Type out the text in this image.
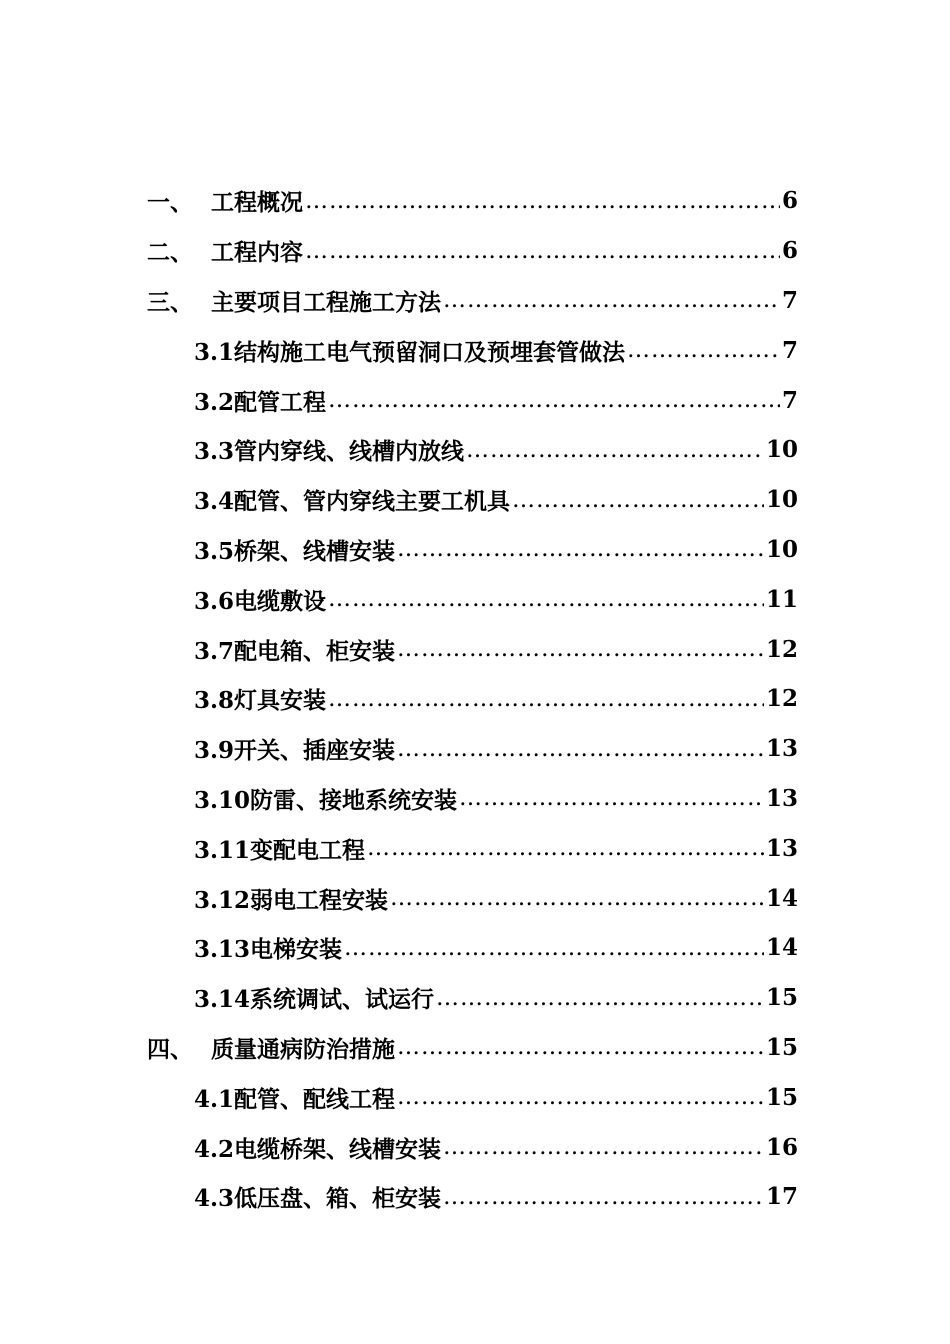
一、 工程概况 …………………………………………………………………………………………………………………………………………	6
二、 工程内容 …………………………………………………………………………………………………………………………………………	6
三、 主要项目工程施工方法 …………………………………………………………………………………………………………………………………………	7
3.1结构施工电气预留洞口及预埋套管做法 …………………………………………………………………………………………………………………………………………	7
3.2配管工程 …………………………………………………………………………………………………………………………………………	7
3.3管内穿线、线槽内放线 …………………………………………………………………………………………………………………………………………	10
3.4配管、管内穿线主要工机具 …………………………………………………………………………………………………………………………………………	10
3.5桥架、线槽安装 …………………………………………………………………………………………………………………………………………	10
3.6电缆敷设 …………………………………………………………………………………………………………………………………………	11
3.7配电箱、柜安装 …………………………………………………………………………………………………………………………………………	12
3.8灯具安装 …………………………………………………………………………………………………………………………………………	12
3.9开关、插座安装 …………………………………………………………………………………………………………………………………………	13
3.10防雷、接地系统安装 …………………………………………………………………………………………………………………………………………	13
3.11变配电工程 …………………………………………………………………………………………………………………………………………	13
3.12弱电工程安装 …………………………………………………………………………………………………………………………………………	14
3.13电梯安装 …………………………………………………………………………………………………………………………………………	14
3.14系统调试、试运行 …………………………………………………………………………………………………………………………………………	15
四、 质量通病防治措施 …………………………………………………………………………………………………………………………………………	15
4.1配管、配线工程 …………………………………………………………………………………………………………………………………………	15
4.2电缆桥架、线槽安装 …………………………………………………………………………………………………………………………………………	16
4.3低压盘、箱、柜安装 …………………………………………………………………………………………………………………………………………	17
